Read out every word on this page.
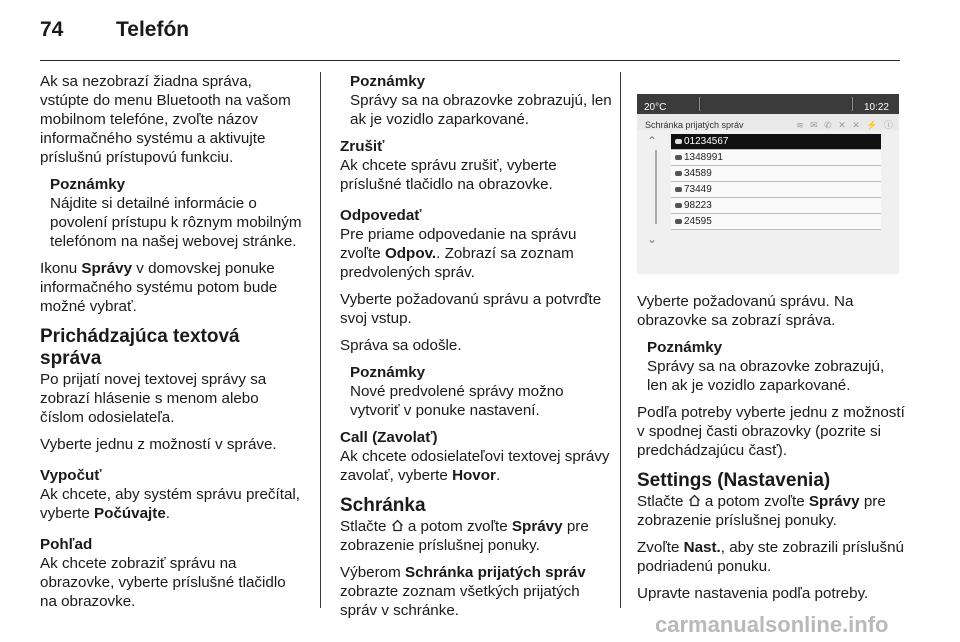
74	Telefón

Ak sa nezobrazí žiadna správa, vstúpte do menu Bluetooth na vašom mobilnom telefóne, zvoľte názov informačného systému a aktivujte príslušnú prístupovú funkciu.

Poznámky
Nájdite si detailné informácie o povolení prístupu k rôznym mobilným telefónom na našej webovej stránke.

Ikonu Správy v domovskej ponuke informačného systému potom bude možné vybrať.

Prichádzajúca textová správa

Po prijatí novej textovej správy sa zobrazí hlásenie s menom alebo číslom odosielateľa.

Vyberte jednu z možností v správe.

Vypočuť

Ak chcete, aby systém správu prečítal, vyberte Počúvajte.

Pohľad

Ak chcete zobraziť správu na obrazovke, vyberte príslušné tlačidlo na obrazovke.

Poznámky
Správy sa na obrazovke zobrazujú, len ak je vozidlo zaparkované.
Zrušiť

Ak chcete správu zrušiť, vyberte príslušné tlačidlo na obrazovke.

Odpovedať

Pre priame odpovedanie na správu zvoľte Odpov.. Zobrazí sa zoznam predvolených správ.

Vyberte požadovanú správu a potvrďte svoj vstup.

Správa sa odošle.

Poznámky
Nové predvolené správy možno vytvoriť v ponuke nastavení.
Call (Zavolať)

Ak chcete odosielateľovi textovej správy zavolať, vyberte Hovor.

Schránka

Stlačte  a potom zvoľte Správy pre zobrazenie príslušnej ponuky.

Výberom Schránka prijatých správ zobrazte zoznam všetkých prijatých správ v schránke.

20°C	10:22
Schránka prijatých správ	≋ ✉ ✆ ✕ ✕ ⚡ ⓘ
⌃
⌄
01234567
1348991
34589
73449
98223
24595

Vyberte požadovanú správu. Na obrazovke sa zobrazí správa.

Poznámky
Správy sa na obrazovke zobrazujú, len ak je vozidlo zaparkované.

Podľa potreby vyberte jednu z možností v spodnej časti obrazovky (pozrite si predchádzajúcu časť).

Settings (Nastavenia)

Stlačte  a potom zvoľte Správy pre zobrazenie príslušnej ponuky.

Zvoľte Nast., aby ste zobrazili príslušnú podriadenú ponuku.

Upravte nastavenia podľa potreby.

carmanualsonline.info
